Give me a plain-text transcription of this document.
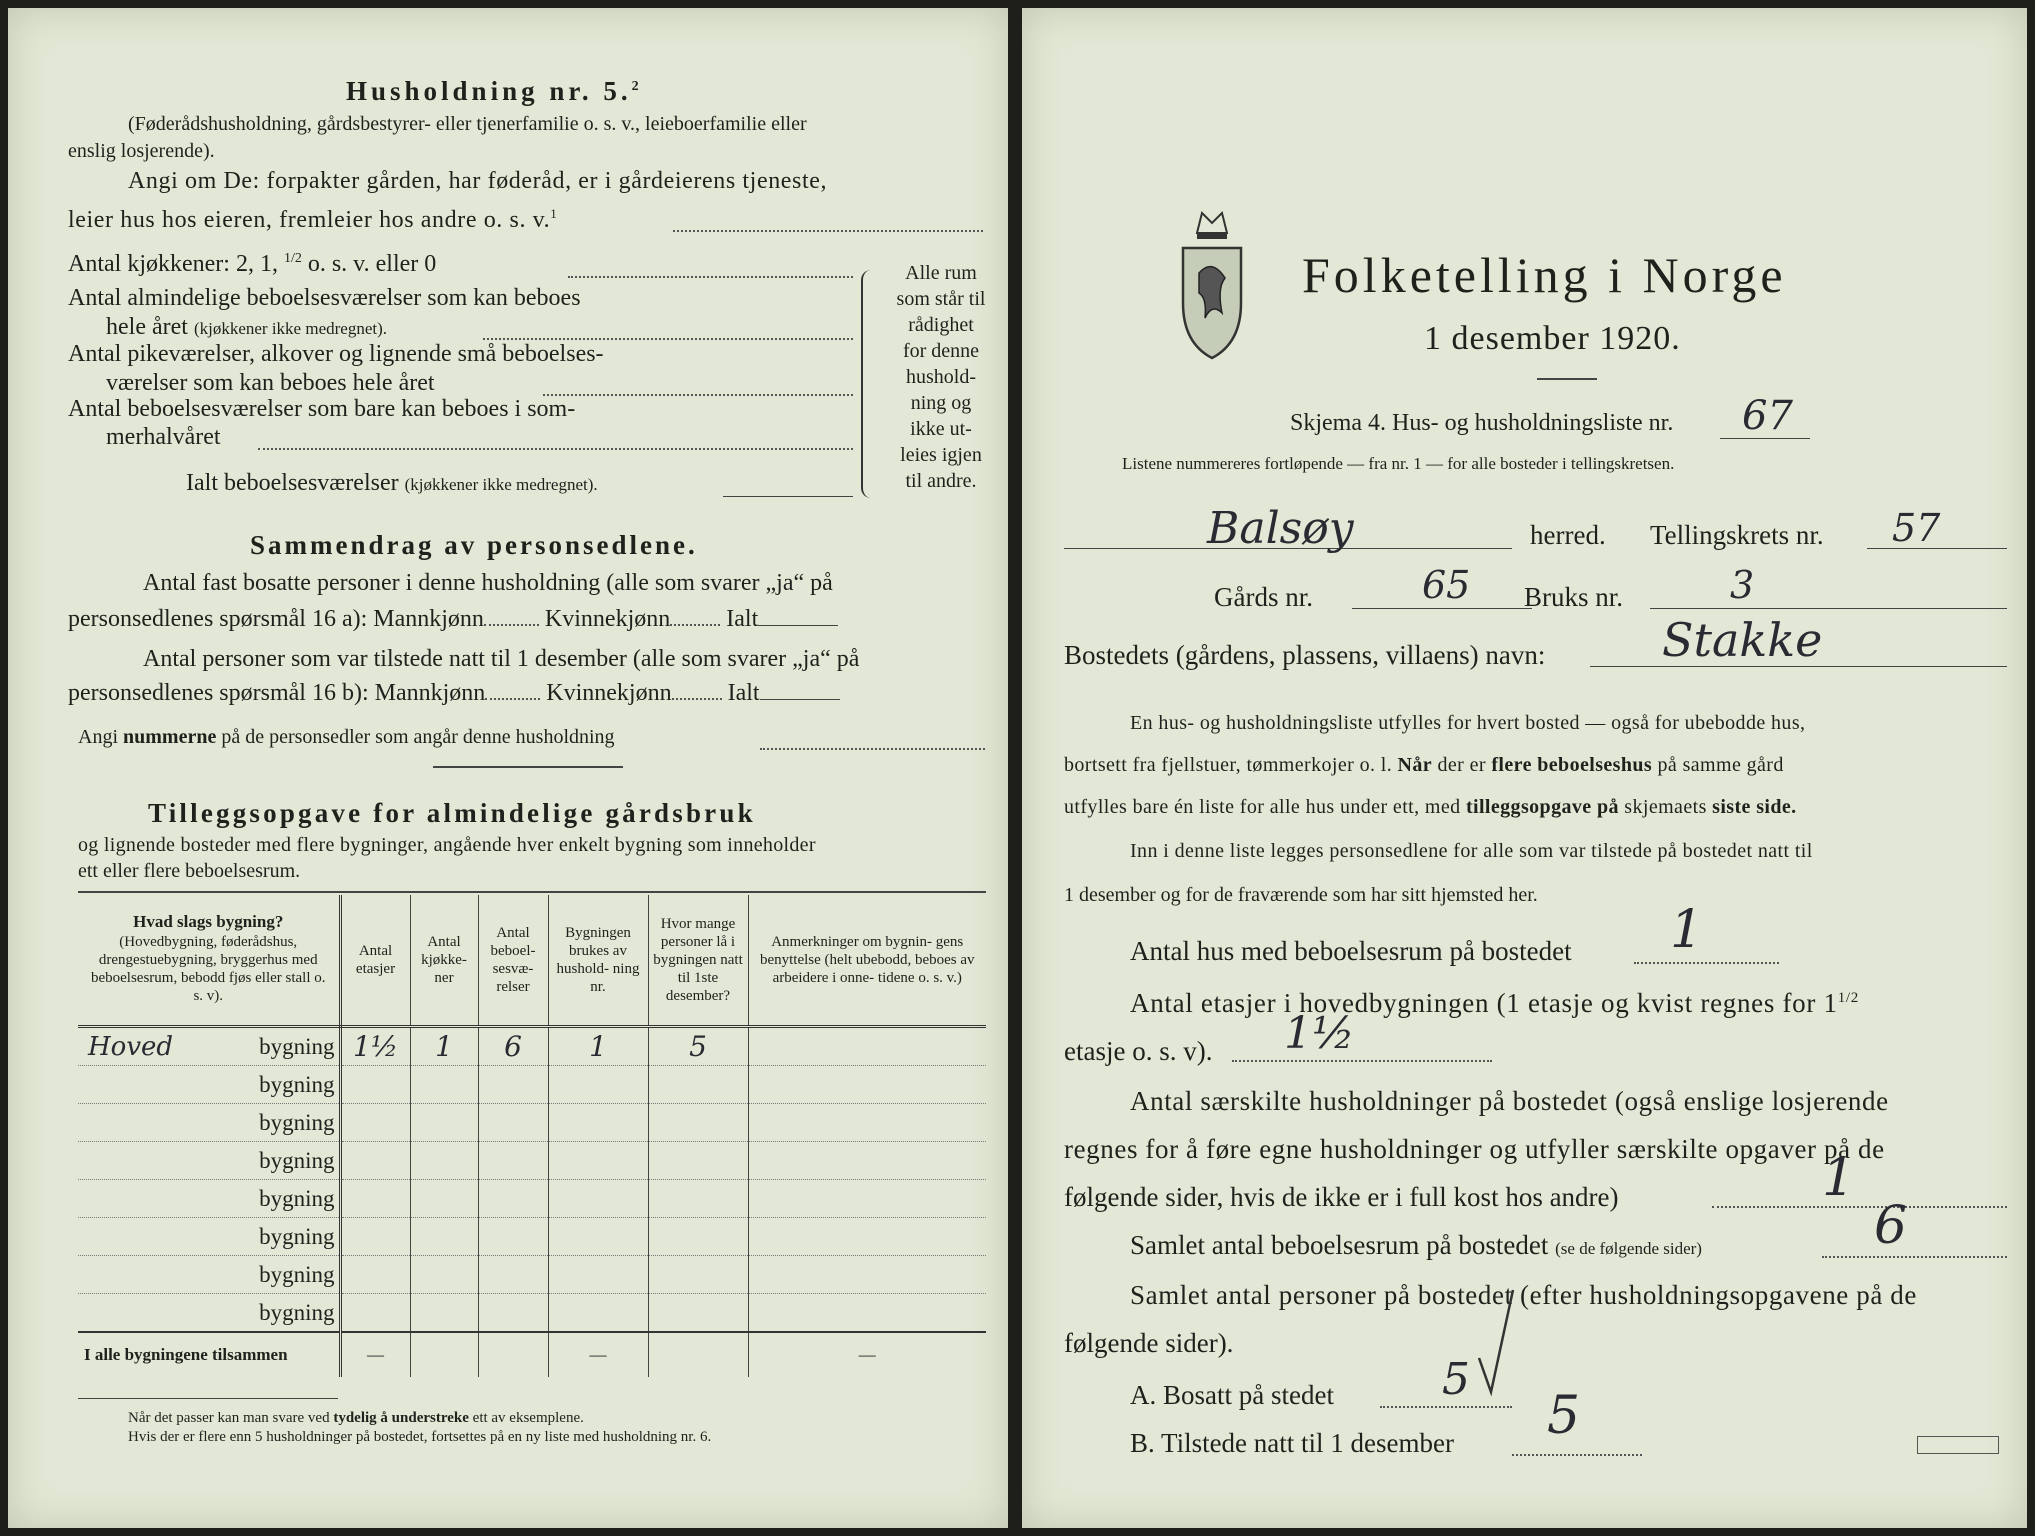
Husholdning nr. 5.$^2$
(Føderådshusholdning, gårdsbestyrer- eller tjenerfamilie o. s. v., leieboerfamilie eller
enslig losjerende).
Angi om De: forpakter gården, har føderåd, er i gårdeierens tjeneste,
leier hus hos eieren, fremleier hos andre o. s. v.$^1$
Antal kjøkkener: 2, 1, $^{1/2}$ o. s. v. eller 0
Antal almindelige beboelsesværelser som kan beboes
hele året (kjøkkener ikke medregnet).
Antal pikeværelser, alkover og lignende små beboelses-
værelser som kan beboes hele året
Antal beboelsesværelser som bare kan beboes i som-
merhalvåret
Ialt beboelsesværelser (kjøkkener ikke medregnet).
Alle rum
som står til
rådighet
for denne
hushold-
ning og
ikke ut-
leies igjen
til andre.
Sammendrag av personsedlene.
Antal fast bosatte personer i denne husholdning (alle som svarer „ja“ på
personsedlenes spørsmål 16 a): Mannkjønn	Kvinnekjønn Ialt
Antal personer som var tilstede natt til 1 desember (alle som svarer „ja“ på
personsedlenes spørsmål 16 b): Mannkjønn	Kvinnekjønn Ialt
Angi nummerne på de personsedler som angår denne husholdning
Tilleggsopgave for almindelige gårdsbruk
og lignende bosteder med flere bygninger, angående hver enkelt bygning som inneholder
ett eller flere beboelsesrum.
Hvad slags bygning?
(Hovedbygning, føderådshus, drengestuebygning, bryggerhus med beboelsesrum, bebodd fjøs eller stall o. s. v).	Antal etasjer	Antal kjøkke- ner	Antal beboel- sesvæ- relser	Bygningen brukes av hushold- ning nr.	Hvor mange personer lå i bygningen natt til 1ste desember?	Anmerkninger om bygnin- gens benyttelse (helt ubebodd, beboes av arbeidere i onne- tidene o. s. v.)

Hoved bygning	1½	1	6	1	5	

bygning						

bygning						

bygning						

bygning						

bygning						

bygning						

bygning						
I alle bygningene tilsammen	—			—		—
Når det passer kan man svare ved tydelig å understreke ett av eksemplene.
Hvis der er flere enn 5 husholdninger på bostedet, fortsettes på en ny liste med husholdning nr. 6.
Folketelling i Norge
1 desember 1920.
Skjema 4. Hus- og husholdningsliste nr. 67
Listene nummereres fortløpende — fra nr. 1 — for alle bosteder i tellingskretsen.
Balsøy	herred. Tellingskrets nr. 57
Gårds nr.	65 Bruks nr.	3
Bostedets (gårdens, plassens, villaens) navn:	Stakke
En hus- og husholdningsliste utfylles for hvert bosted — også for ubebodde hus,
bortsett fra fjellstuer, tømmerkojer o. l. Når der er flere beboelseshus på samme gård
utfylles bare én liste for alle hus under ett, med tilleggsopgave på skjemaets siste side.
Inn i denne liste legges personsedlene for alle som var tilstede på bostedet natt til
1 desember og for de fraværende som har sitt hjemsted her.
Antal hus med beboelsesrum på bostedet 1
Antal etasjer i hovedbygningen (1 etasje og kvist regnes for $1^{1/2}$
etasje o. s. v). 1½
Antal særskilte husholdninger på bostedet (også enslige losjerende
regnes for å føre egne husholdninger og utfyller særskilte opgaver på de
følgende sider, hvis de ikke er i full kost hos andre)	1
Samlet antal beboelsesrum på bostedet (se de følgende sider)	6
Samlet antal personer på bostedet (efter husholdningsopgavene på de
følgende sider).
A. Bosatt på stedet 5
B. Tilstede natt til 1 desember 5
